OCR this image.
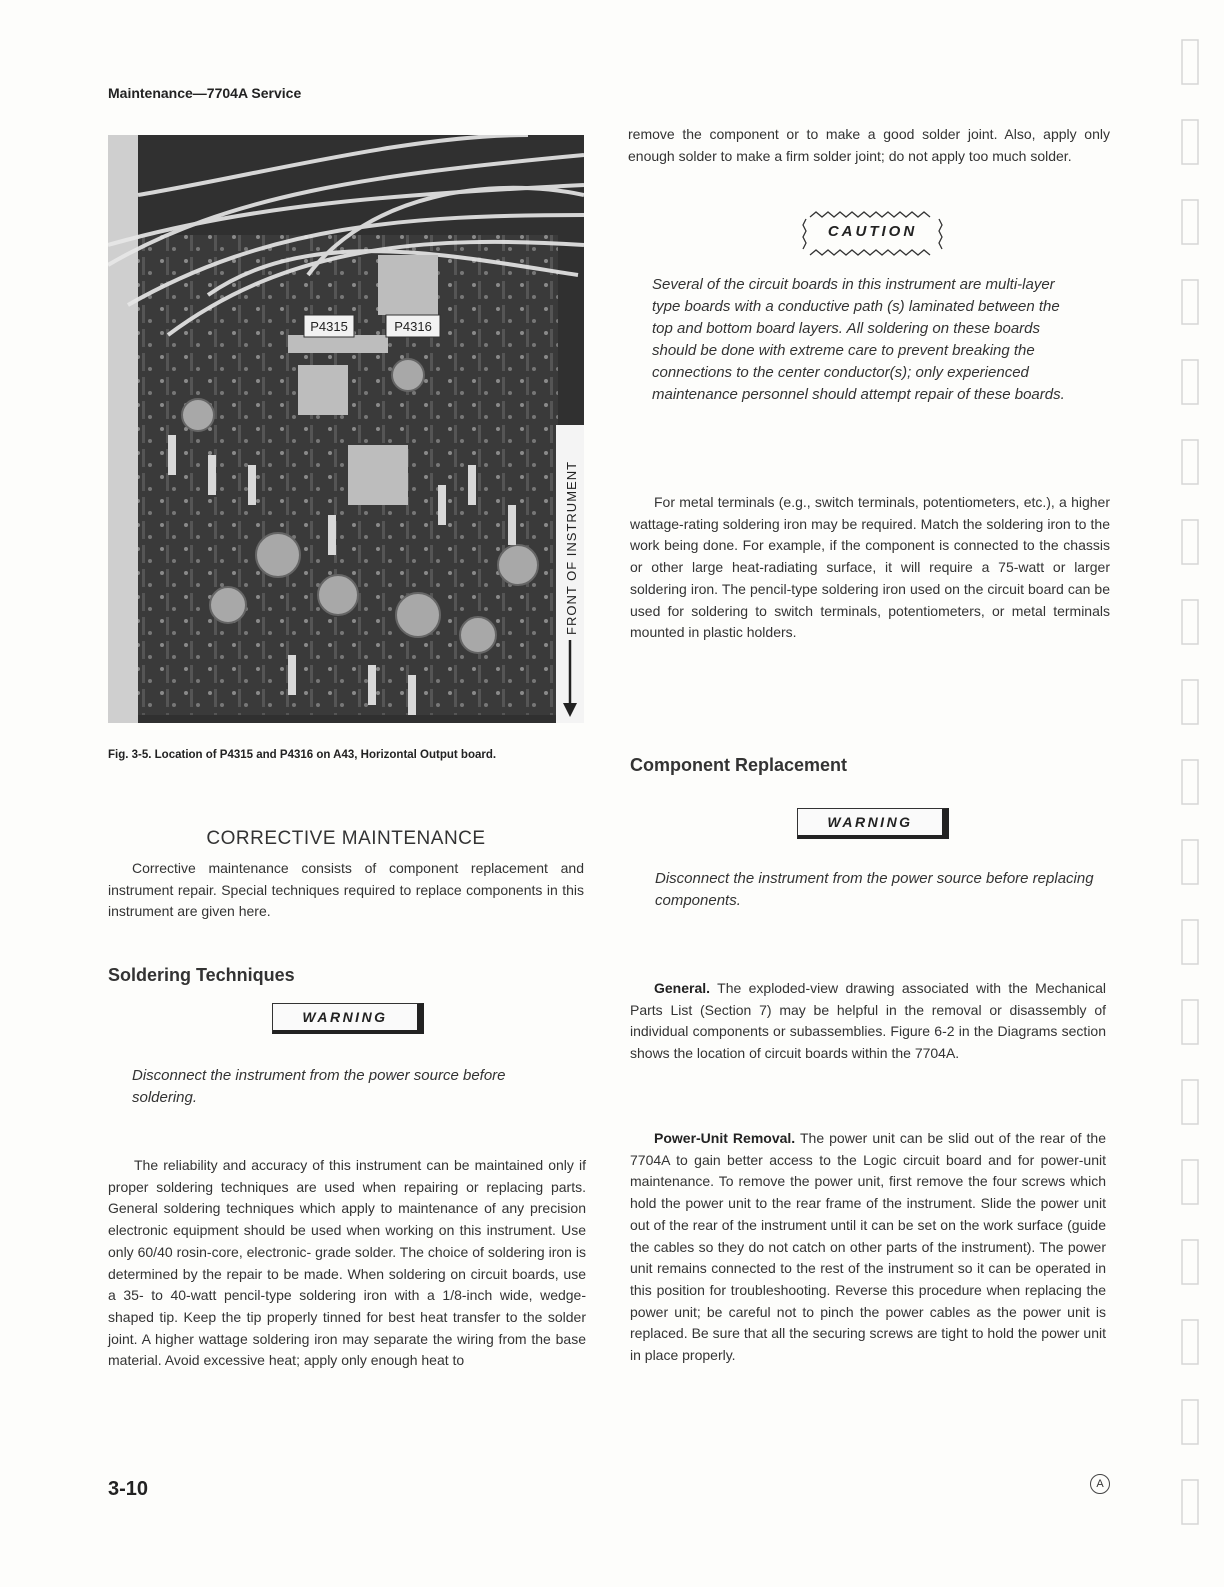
Maintenance—7704A Service
P4315	P4316
FRONT OF INSTRUMENT
Fig. 3-5. Location of P4315 and P4316 on A43, Horizontal Output board.
CORRECTIVE MAINTENANCE

Corrective maintenance consists of component replacement and instrument repair. Special techniques required to replace components in this instrument are given here.

Soldering Techniques
WARNING
Disconnect the instrument from the power source before soldering.

The reliability and accuracy of this instrument can be maintained only if proper soldering techniques are used when repairing or replacing parts. General soldering techniques which apply to maintenance of any precision electronic equipment should be used when working on this instrument. Use only 60/40 rosin-core, electronic- grade solder. The choice of soldering iron is determined by the repair to be made. When soldering on circuit boards, use a 35- to 40-watt pencil-type soldering iron with a 1/8-inch wide, wedge-shaped tip. Keep the tip properly tinned for best heat transfer to the solder joint. A higher wattage soldering iron may separate the wiring from the base material. Avoid excessive heat; apply only enough heat to

remove the component or to make a good solder joint. Also, apply only enough solder to make a firm solder joint; do not apply too much solder.

CAUTION
Several of the circuit boards in this instrument are multi-layer type boards with a conductive path (s) laminated between the top and bottom board layers. All soldering on these boards should be done with extreme care to prevent breaking the connections to the center conductor(s); only experienced maintenance personnel should attempt repair of these boards.

For metal terminals (e.g., switch terminals, potentiometers, etc.), a higher wattage-rating soldering iron may be required. Match the soldering iron to the work being done. For example, if the component is connected to the chassis or other large heat-radiating surface, it will require a 75-watt or larger soldering iron. The pencil-type soldering iron used on the circuit board can be used for soldering to switch terminals, potentiometers, or metal terminals mounted in plastic holders.

Component Replacement
WARNING
Disconnect the instrument from the power source before replacing components.

General. The exploded-view drawing associated with the Mechanical Parts List (Section 7) may be helpful in the removal or disassembly of individual components or subassemblies. Figure 6-2 in the Diagrams section shows the location of circuit boards within the 7704A.

Power-Unit Removal. The power unit can be slid out of the rear of the 7704A to gain better access to the Logic circuit board and for power-unit maintenance. To remove the power unit, first remove the four screws which hold the power unit to the rear frame of the instrument. Slide the power unit out of the rear of the instrument until it can be set on the work surface (guide the cables so they do not catch on other parts of the instrument). The power unit remains connected to the rest of the instrument so it can be operated in this position for troubleshooting. Reverse this procedure when replacing the power unit; be careful not to pinch the power cables as the power unit is replaced. Be sure that all the securing screws are tight to hold the power unit in place properly.

3-10	A
